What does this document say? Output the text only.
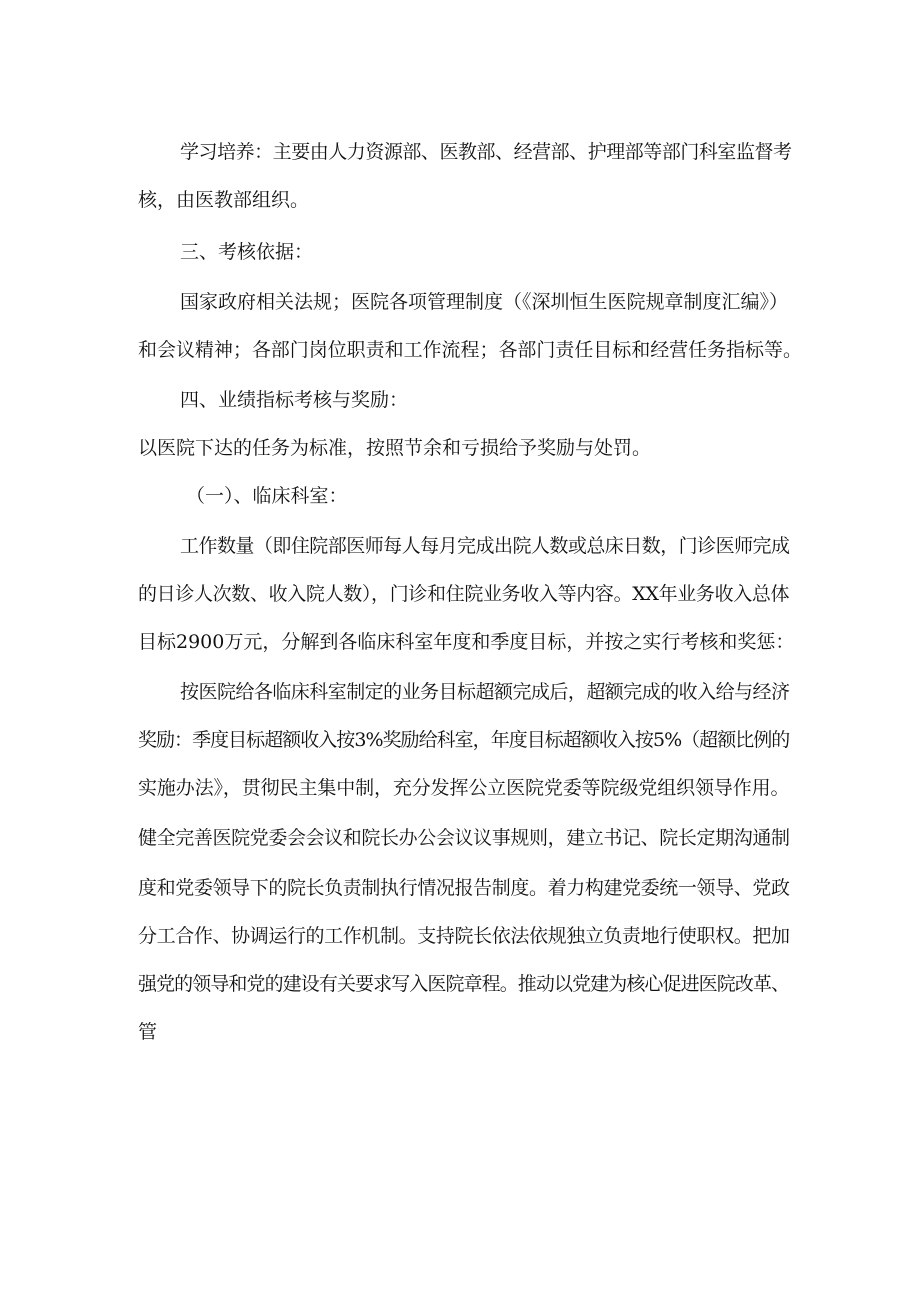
学习培养：主要由人力资源部、医教部、经营部、护理部等部门科室监督考

核，由医教部组织。

三、考核依据：

国家政府相关法规；医院各项管理制度（《深圳恒生医院规章制度汇编》）

和会议精神；各部门岗位职责和工作流程；各部门责任目标和经营任务指标等。

四、业绩指标考核与奖励：

以医院下达的任务为标准，按照节余和亏损给予奖励与处罚。

（一）、临床科室：

工作数量（即住院部医师每人每月完成出院人数或总床日数，门诊医师完成

的日诊人次数、收入院人数），门诊和住院业务收入等内容。XX年业务收入总体

目标2900万元，分解到各临床科室年度和季度目标，并按之实行考核和奖惩：

按医院给各临床科室制定的业务目标超额完成后，超额完成的收入给与经济

奖励：季度目标超额收入按3%奖励给科室，年度目标超额收入按5%（超额比例的

实施办法》，贯彻民主集中制，充分发挥公立医院党委等院级党组织领导作用。

健全完善医院党委会会议和院长办公会议议事规则，建立书记、院长定期沟通制

度和党委领导下的院长负责制执行情况报告制度。着力构建党委统一领导、党政

分工合作、协调运行的工作机制。支持院长依法依规独立负责地行使职权。把加

强党的领导和党的建设有关要求写入医院章程。推动以党建为核心促进医院改革、

管
